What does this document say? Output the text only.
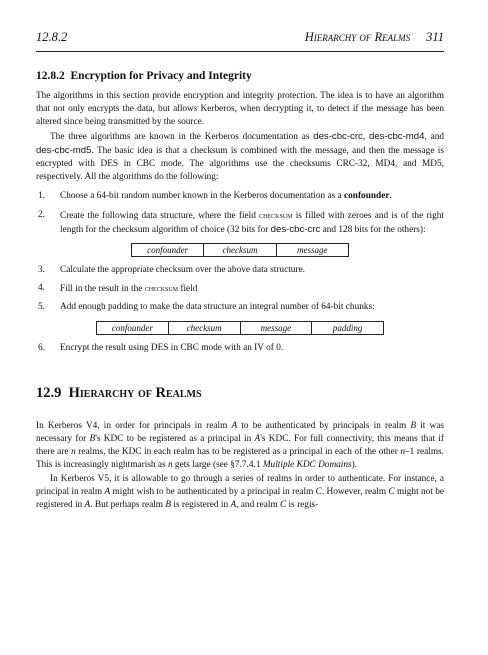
12.8.2	Hierarchy of Realms 311
12.8.2 Encryption for Privacy and Integrity

The algorithms in this section provide encryption and integrity protection. The idea is to have an algorithm that not only encrypts the data, but allows Kerberos, when decrypting it, to detect if the message has been altered since being transmitted by the source.

The three algorithms are known in the Kerberos documentation as des-cbc-crc, des-cbc-md4, and des-cbc-md5. The basic idea is that a checksum is combined with the message, and then the message is encrypted with DES in CBC mode. The algorithms use the checksums CRC-32, MD4, and MD5, respectively. All the algorithms do the following:

1.	Choose a 64-bit random number known in the Kerberos documentation as a confounder.
2.	Create the following data structure, where the field checksum is filled with zeroes and is of the right length for the checksum algorithm of choice (32 bits for des-cbc-crc and 128 bits for the others):
confounder	checksum	message
3.	Calculate the appropriate checksum over the above data structure.
4.	Fill in the result in the checksum field
5.	Add enough padding to make the data structure an integral number of 64-bit chunks:
confounder	checksum	message	padding
6.	Encrypt the result using DES in CBC mode with an IV of 0.
12.9 Hierarchy of Realms

In Kerberos V4, in order for principals in realm A to be authenticated by principals in realm B it was necessary for B's KDC to be registered as a principal in A's KDC. For full connectivity, this means that if there are n realms, the KDC in each realm has to be registered as a principal in each of the other n–1 realms. This is increasingly nightmarish as n gets large (see §7.7.4.1 Multiple KDC Domains).

In Kerberos V5, it is allowable to go through a series of realms in order to authenticate. For instance, a principal in realm A might wish to be authenticated by a principal in realm C. However, realm C might not be registered in A. But perhaps realm B is registered in A, and realm C is regis-
